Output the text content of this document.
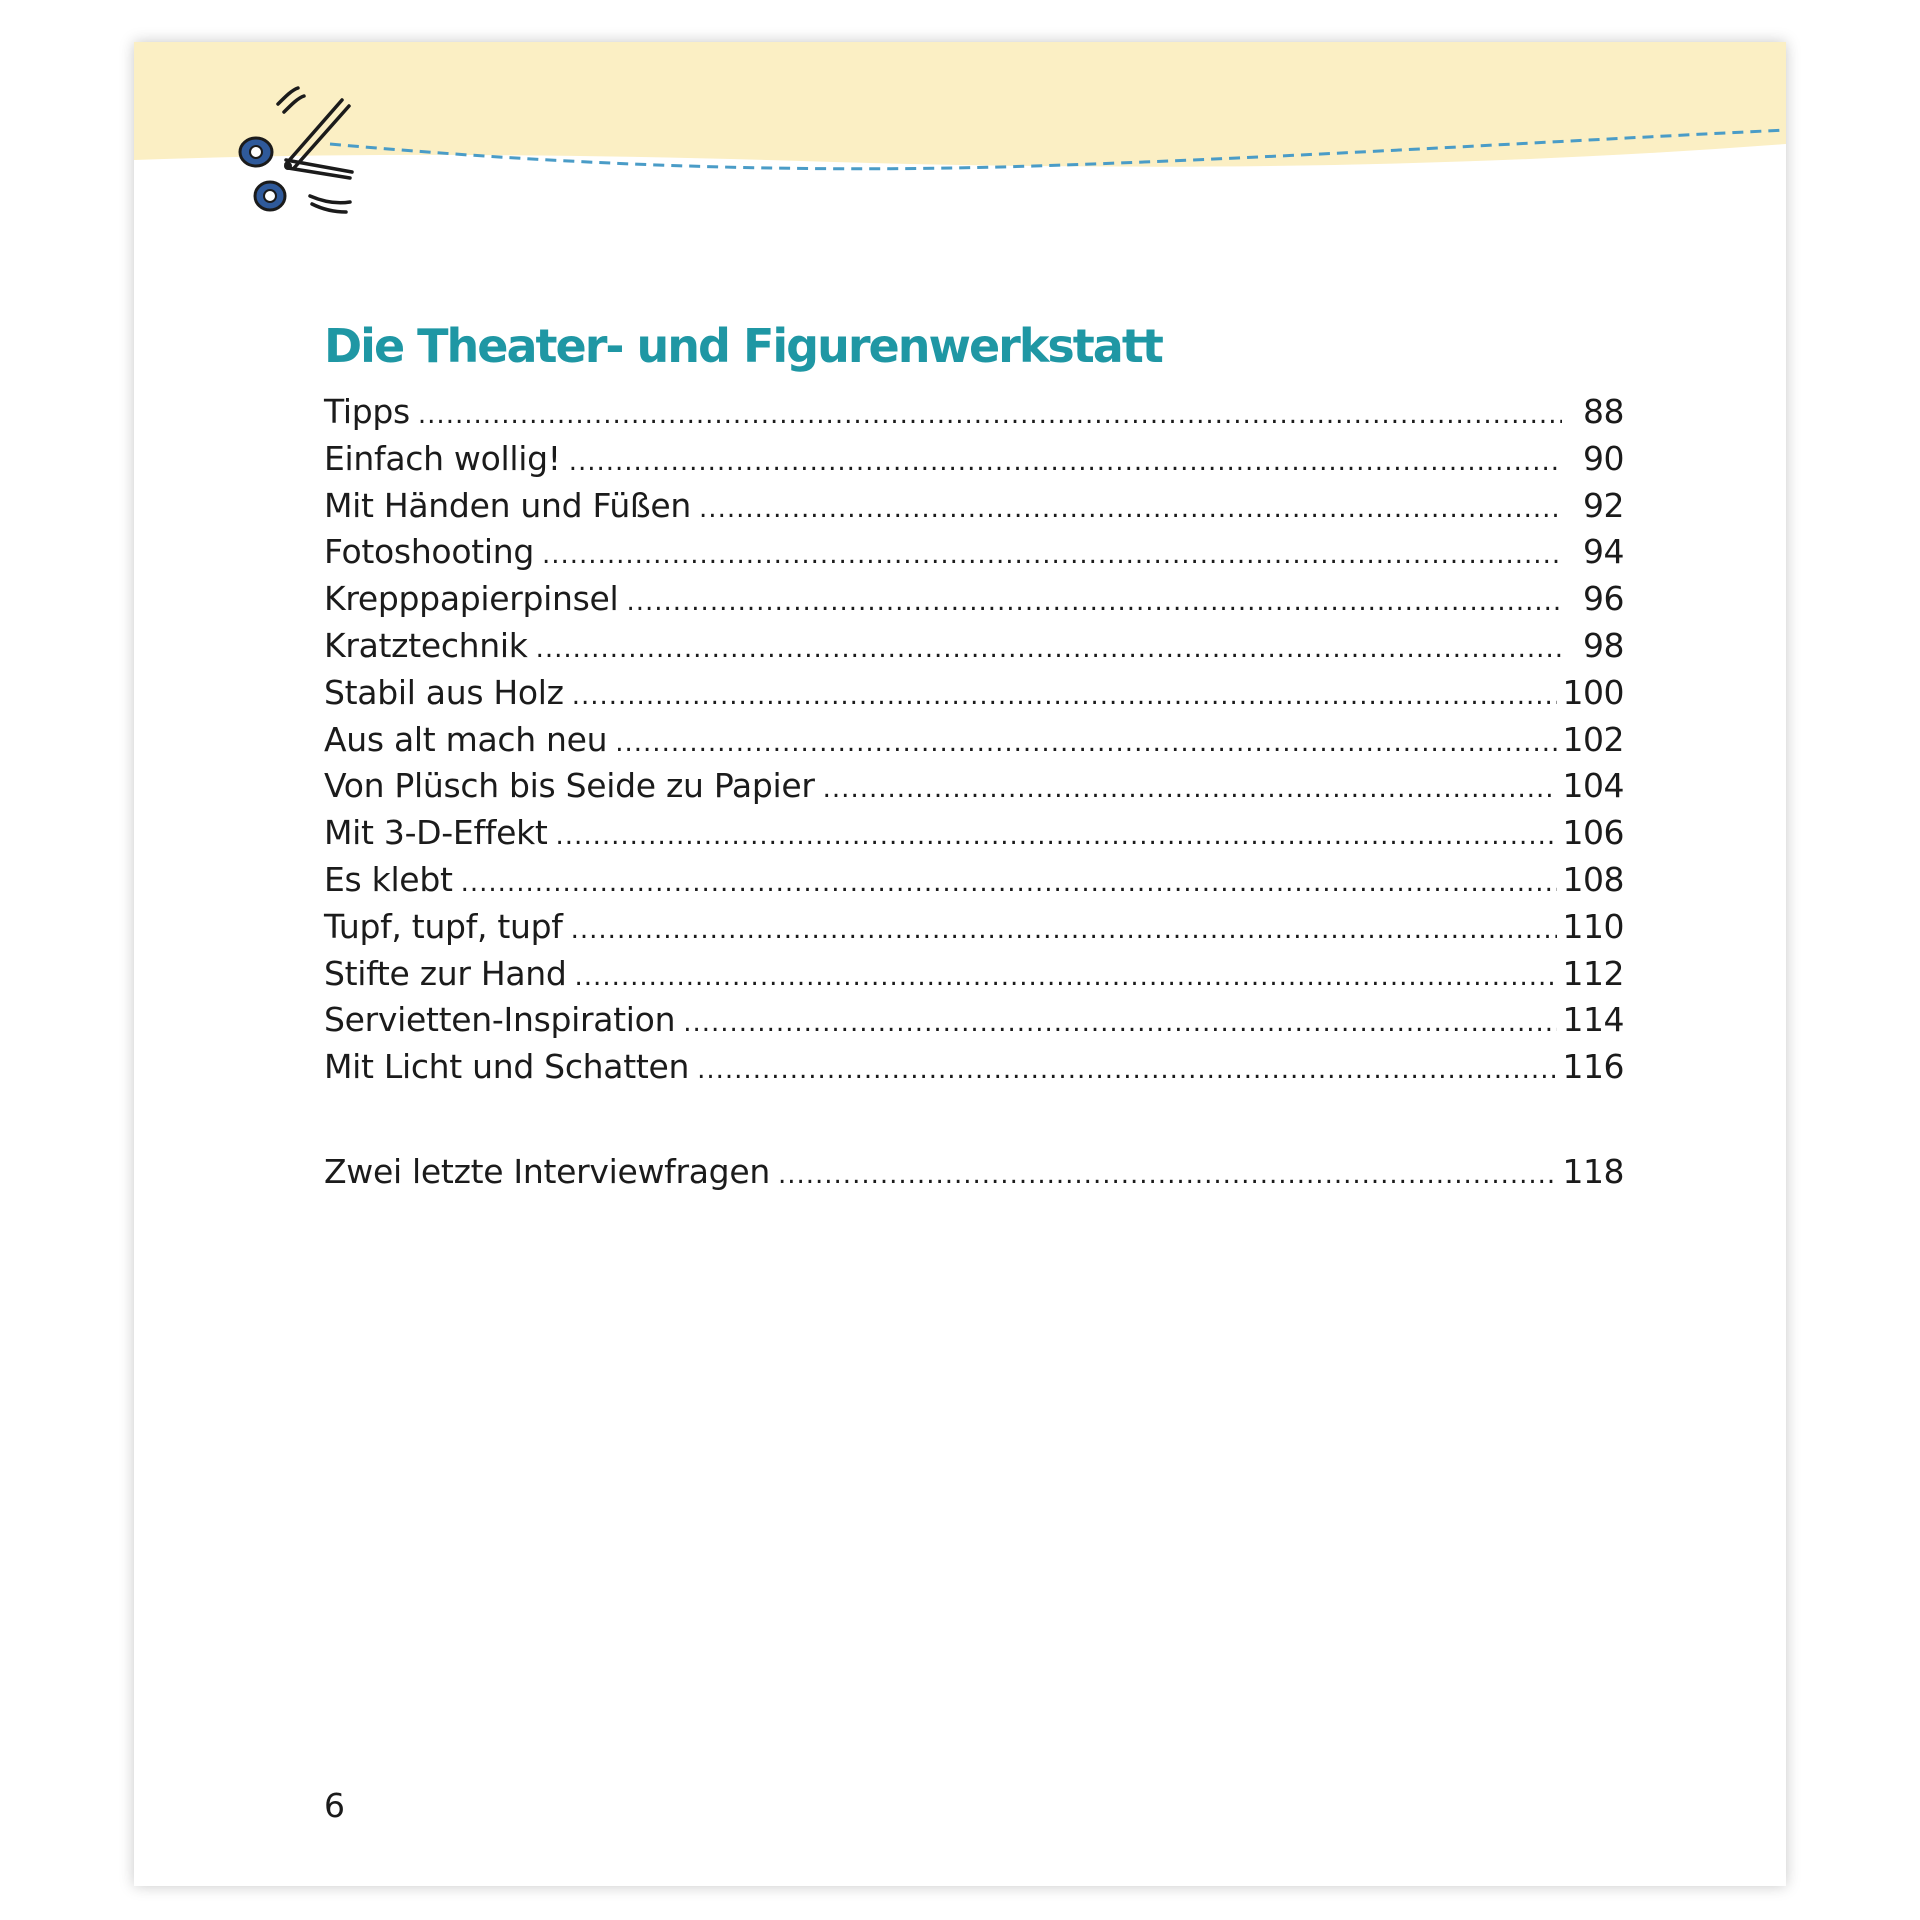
Die Theater- und Figurenwerkstatt
Tipps .....	88
Einfach wollig! .....	90
Mit Händen und Füßen .....	92
Fotoshooting .....	94
Krepppapierpinsel .....	96
Kratztechnik .....	98
Stabil aus Holz .....	100
Aus alt mach neu .....	102
Von Plüsch bis Seide zu Papier .....	104
Mit 3-D-Effekt .....	106
Es klebt .....	108
Tupf, tupf, tupf .....	110
Stifte zur Hand .....	112
Servietten-Inspiration .....	114
Mit Licht und Schatten .....	116
Zwei letzte Interviewfragen .....	118
6
